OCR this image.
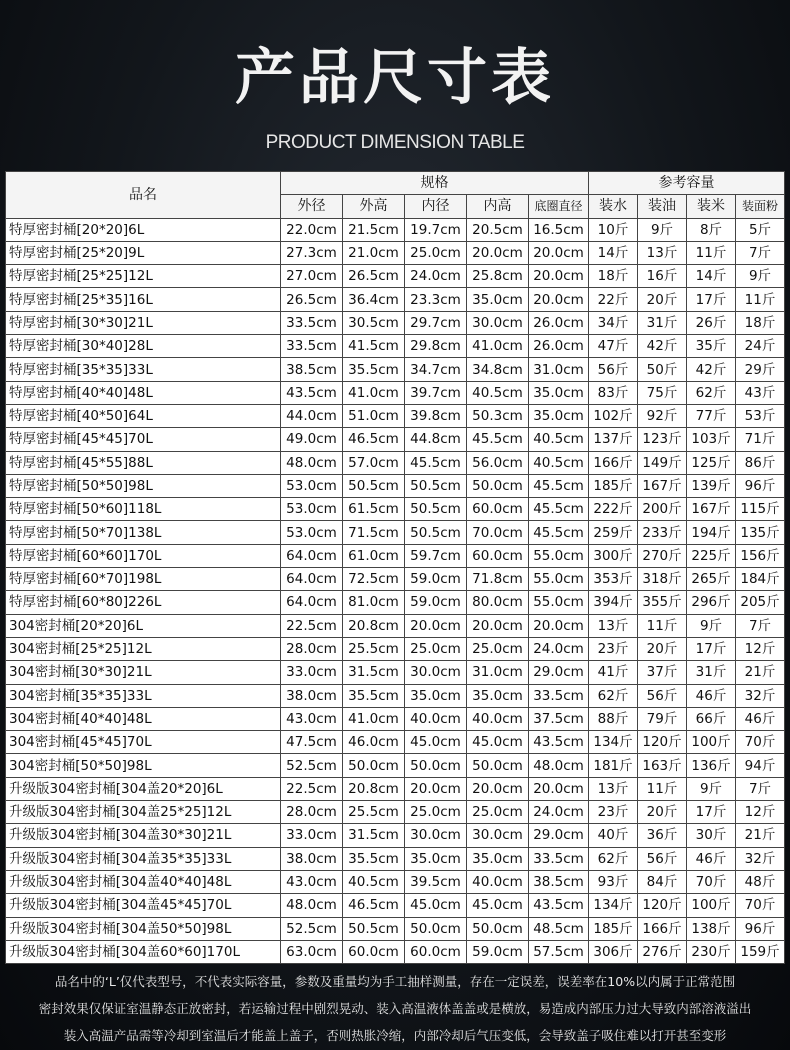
产品尺寸表
PRODUCT DIMENSION TABLE
品名	规格					参考容量			
	外径	外高	内径	内高	底圈直径	装水	装油	装米	装面粉
特厚密封桶[20*20]6L	22.0cm	21.5cm	19.7cm	20.5cm	16.5cm	10斤	9斤	8斤	5斤
特厚密封桶[25*20]9L	27.3cm	21.0cm	25.0cm	20.0cm	20.0cm	14斤	13斤	11斤	7斤
特厚密封桶[25*25]12L	27.0cm	26.5cm	24.0cm	25.8cm	20.0cm	18斤	16斤	14斤	9斤
特厚密封桶[25*35]16L	26.5cm	36.4cm	23.3cm	35.0cm	20.0cm	22斤	20斤	17斤	11斤
特厚密封桶[30*30]21L	33.5cm	30.5cm	29.7cm	30.0cm	26.0cm	34斤	31斤	26斤	18斤
特厚密封桶[30*40]28L	33.5cm	41.5cm	29.8cm	41.0cm	26.0cm	47斤	42斤	35斤	24斤
特厚密封桶[35*35]33L	38.5cm	35.5cm	34.7cm	34.8cm	31.0cm	56斤	50斤	42斤	29斤
特厚密封桶[40*40]48L	43.5cm	41.0cm	39.7cm	40.5cm	35.0cm	83斤	75斤	62斤	43斤
特厚密封桶[40*50]64L	44.0cm	51.0cm	39.8cm	50.3cm	35.0cm	102斤	92斤	77斤	53斤
特厚密封桶[45*45]70L	49.0cm	46.5cm	44.8cm	45.5cm	40.5cm	137斤	123斤	103斤	71斤
特厚密封桶[45*55]88L	48.0cm	57.0cm	45.5cm	56.0cm	40.5cm	166斤	149斤	125斤	86斤
特厚密封桶[50*50]98L	53.0cm	50.5cm	50.5cm	50.0cm	45.5cm	185斤	167斤	139斤	96斤
特厚密封桶[50*60]118L	53.0cm	61.5cm	50.5cm	60.0cm	45.5cm	222斤	200斤	167斤	115斤
特厚密封桶[50*70]138L	53.0cm	71.5cm	50.5cm	70.0cm	45.5cm	259斤	233斤	194斤	135斤
特厚密封桶[60*60]170L	64.0cm	61.0cm	59.7cm	60.0cm	55.0cm	300斤	270斤	225斤	156斤
特厚密封桶[60*70]198L	64.0cm	72.5cm	59.0cm	71.8cm	55.0cm	353斤	318斤	265斤	184斤
特厚密封桶[60*80]226L	64.0cm	81.0cm	59.0cm	80.0cm	55.0cm	394斤	355斤	296斤	205斤
304密封桶[20*20]6L	22.5cm	20.8cm	20.0cm	20.0cm	20.0cm	13斤	11斤	9斤	7斤
304密封桶[25*25]12L	28.0cm	25.5cm	25.0cm	25.0cm	24.0cm	23斤	20斤	17斤	12斤
304密封桶[30*30]21L	33.0cm	31.5cm	30.0cm	31.0cm	29.0cm	41斤	37斤	31斤	21斤
304密封桶[35*35]33L	38.0cm	35.5cm	35.0cm	35.0cm	33.5cm	62斤	56斤	46斤	32斤
304密封桶[40*40]48L	43.0cm	41.0cm	40.0cm	40.0cm	37.5cm	88斤	79斤	66斤	46斤
304密封桶[45*45]70L	47.5cm	46.0cm	45.0cm	45.0cm	43.5cm	134斤	120斤	100斤	70斤
304密封桶[50*50]98L	52.5cm	50.0cm	50.0cm	50.0cm	48.0cm	181斤	163斤	136斤	94斤
升级版304密封桶[304盖20*20]6L	22.5cm	20.8cm	20.0cm	20.0cm	20.0cm	13斤	11斤	9斤	7斤
升级版304密封桶[304盖25*25]12L	28.0cm	25.5cm	25.0cm	25.0cm	24.0cm	23斤	20斤	17斤	12斤
升级版304密封桶[304盖30*30]21L	33.0cm	31.5cm	30.0cm	30.0cm	29.0cm	40斤	36斤	30斤	21斤
升级版304密封桶[304盖35*35]33L	38.0cm	35.5cm	35.0cm	35.0cm	33.5cm	62斤	56斤	46斤	32斤
升级版304密封桶[304盖40*40]48L	43.0cm	40.5cm	39.5cm	40.0cm	38.5cm	93斤	84斤	70斤	48斤
升级版304密封桶[304盖45*45]70L	48.0cm	46.5cm	45.0cm	45.0cm	43.5cm	134斤	120斤	100斤	70斤
升级版304密封桶[304盖50*50]98L	52.5cm	50.5cm	50.0cm	50.0cm	48.5cm	185斤	166斤	138斤	96斤
升级版304密封桶[304盖60*60]170L	63.0cm	60.0cm	60.0cm	59.0cm	57.5cm	306斤	276斤	230斤	159斤
品名中的‘L’仅代表型号，不代表实际容量，参数及重量均为手工抽样测量，存在一定误差，误差率在10%以内属于正常范围
密封效果仅保证室温静态正放密封，若运输过程中剧烈晃动、装入高温液体盖盖或是横放，易造成内部压力过大导致内部溶液溢出
装入高温产品需等冷却到室温后才能盖上盖子，否则热胀冷缩，内部冷却后气压变低，会导致盖子吸住难以打开甚至变形
